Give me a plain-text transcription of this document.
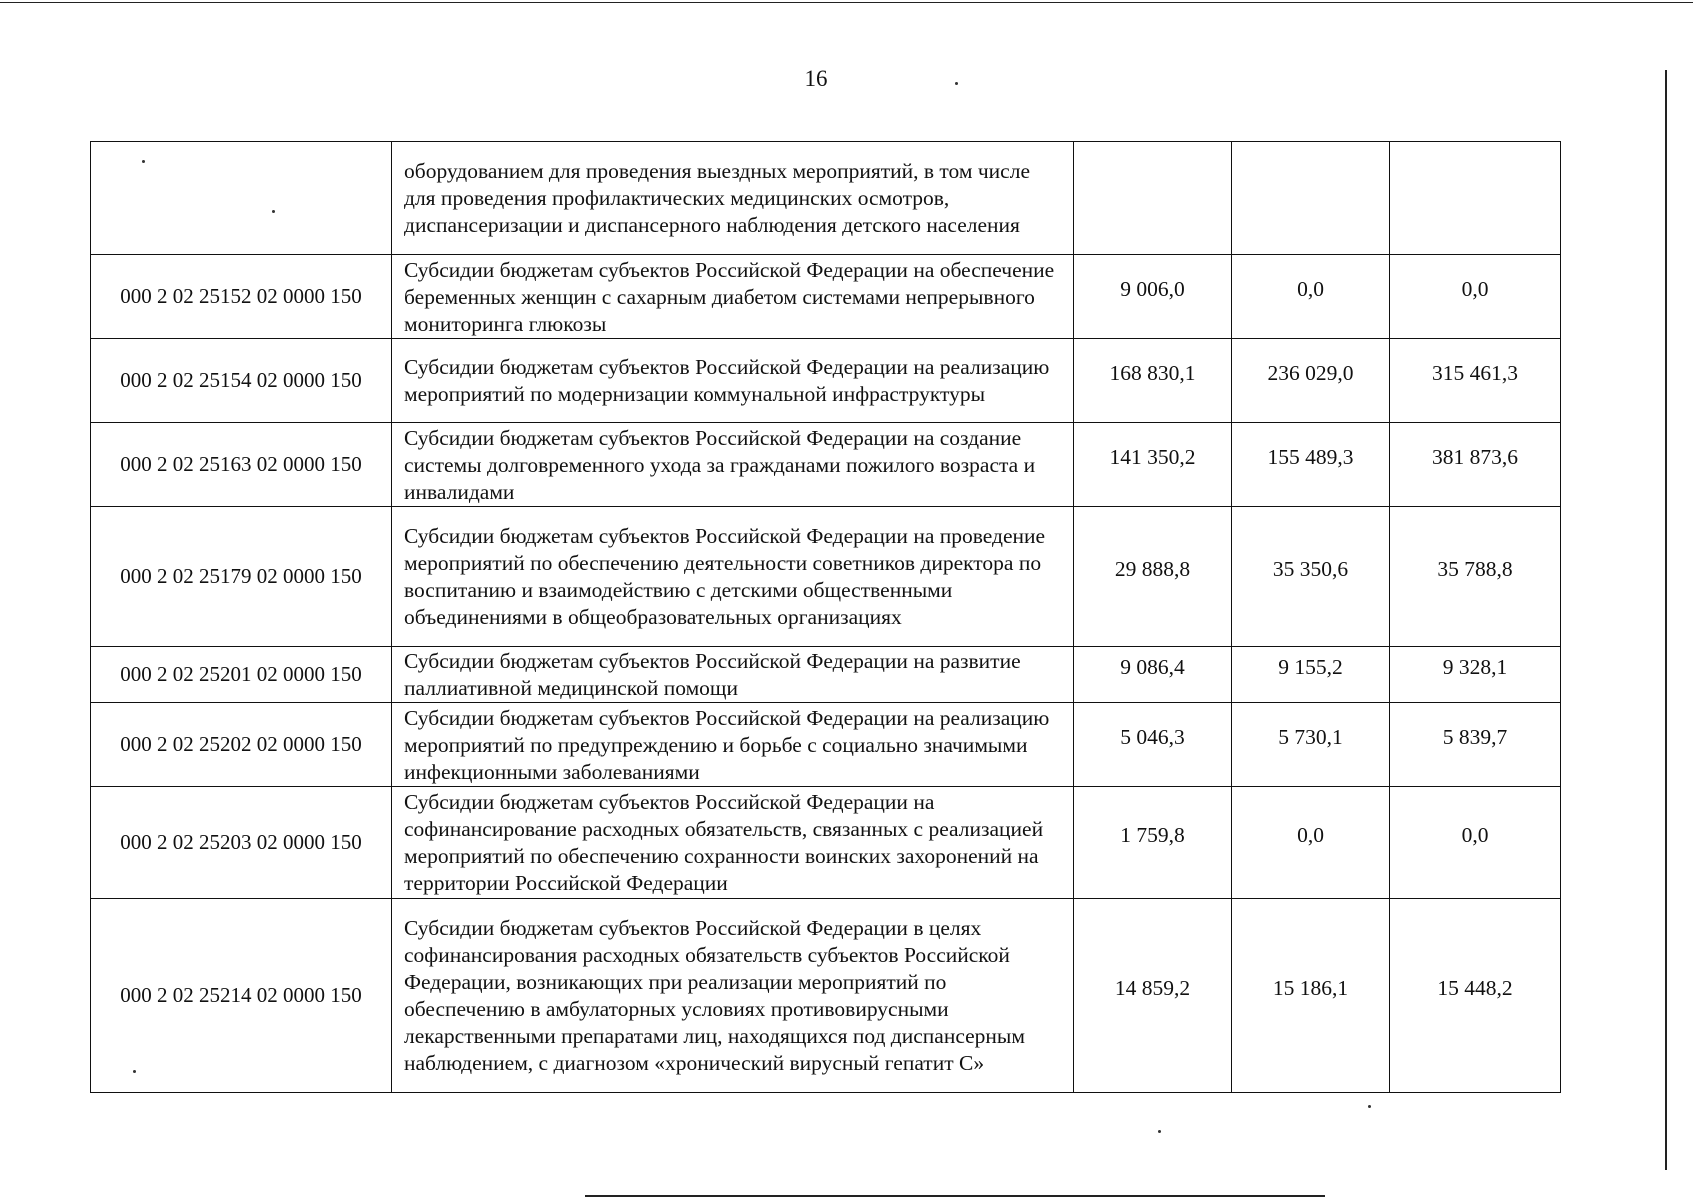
16
	оборудованием для проведения выездных мероприятий, в том числе для проведения профилактических медицинских осмотров, диспансеризации и диспансерного наблюдения детского населения			
000 2 02 25152 02 0000 150	Субсидии бюджетам субъектов Российской Федерации на обеспечение беременных женщин с сахарным диабетом системами непрерывного мониторинга глюкозы	9 006,0	0,0	0,0
000 2 02 25154 02 0000 150	Субсидии бюджетам субъектов Российской Федерации на реализацию мероприятий по модернизации коммунальной инфраструктуры	168 830,1	236 029,0	315 461,3
000 2 02 25163 02 0000 150	Субсидии бюджетам субъектов Российской Федерации на создание системы долговременного ухода за гражданами пожилого возраста и инвалидами	141 350,2	155 489,3	381 873,6
000 2 02 25179 02 0000 150	Субсидии бюджетам субъектов Российской Федерации на проведение мероприятий по обеспечению деятельности советников директора по воспитанию и взаимодействию с детскими общественными объединениями в общеобразовательных организациях	29 888,8	35 350,6	35 788,8
000 2 02 25201 02 0000 150	Субсидии бюджетам субъектов Российской Федерации на развитие паллиативной медицинской помощи	9 086,4	9 155,2	9 328,1
000 2 02 25202 02 0000 150	Субсидии бюджетам субъектов Российской Федерации на реализацию мероприятий по предупреждению и борьбе с социально значимыми инфекционными заболеваниями	5 046,3	5 730,1	5 839,7
000 2 02 25203 02 0000 150	Субсидии бюджетам субъектов Российской Федерации на софинансирование расходных обязательств, связанных с реализацией мероприятий по обеспечению сохранности воинских захоронений на территории Российской Федерации	1 759,8	0,0	0,0
000 2 02 25214 02 0000 150	Субсидии бюджетам субъектов Российской Федерации в целях софинансирования расходных обязательств субъектов Российской Федерации, возникающих при реализации мероприятий по обеспечению в амбулаторных условиях противовирусными лекарственными препаратами лиц, находящихся под диспансерным наблюдением, с диагнозом «хронический вирусный гепатит С»	14 859,2	15 186,1	15 448,2
